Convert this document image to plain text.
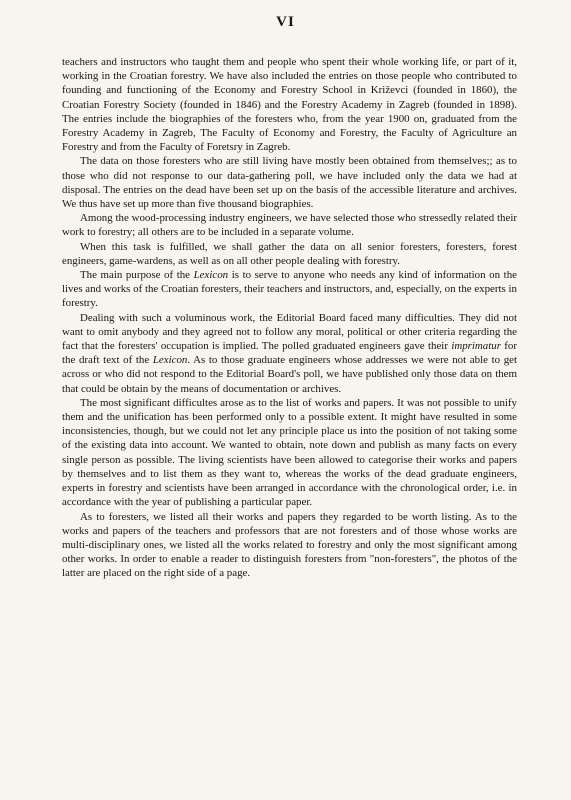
VI

teachers and instructors who taught them and people who spent their whole working life, or part of it, working in the Croatian forestry. We have also included the entries on those people who contributed to founding and functioning of the Economy and Forestry School in Križevci (founded in 1860), the Croatian Forestry Society (founded in 1846) and the Forestry Academy in Zagreb (founded in 1898). The entries include the biographies of the foresters who, from the year 1900 on, graduated from the Forestry Academy in Zagreb, The Faculty of Economy and Forestry, the Faculty of Agriculture an Forestry and from the Faculty of Foretsry in Zagreb.

The data on those foresters who are still living have mostly been obtained from themselves;; as to those who did not response to our data-gathering poll, we have included only the data we had at disposal. The entries on the dead have been set up on the basis of the accessible literature and archives. We thus have set up more than five thousand biographies.

Among the wood-processing industry engineers, we have selected those who stressedly related their work to forestry; all others are to be included in a separate volume.

When this task is fulfilled, we shall gather the data on all senior foresters, foresters, forest engineers, game-wardens, as well as on all other people dealing with forestry.

The main purpose of the Lexicon is to serve to anyone who needs any kind of information on the lives and works of the Croatian foresters, their teachers and instructors, and, especially, on the experts in forestry.

Dealing with such a voluminous work, the Editorial Board faced many difficulties. They did not want to omit anybody and they agreed not to follow any moral, political or other criteria regarding the fact that the foresters' occupation is implied. The polled graduated engineers gave their imprimatur for the draft text of the Lexicon. As to those graduate engineers whose addresses we were not able to get across or who did not respond to the Editorial Board's poll, we have published only those data on them that could be obtain by the means of documentation or archives.

The most significant difficultes arose as to the list of works and papers. It was not possible to unify them and the unification has been performed only to a possible extent. It might have resulted in some inconsistencies, though, but we could not let any principle place us into the position of not taking some of the existing data into account. We wanted to obtain, note down and publish as many facts on every single person as possible. The living scientists have been allowed to categorise their works and papers by themselves and to list them as they want to, whereas the works of the dead graduate engineers, experts in forestry and scientists have been arranged in accordance with the chronological order, i.e. in accordance with the year of publishing a particular paper.

As to foresters, we listed all their works and papers they regarded to be worth listing. As to the works and papers of the teachers and professors that are not foresters and of those whose works are multi-disciplinary ones, we listed all the works related to forestry and only the most significant among other works. In order to enable a reader to distinguish foresters from "non-foresters", the photos of the latter are placed on the right side of a page.
